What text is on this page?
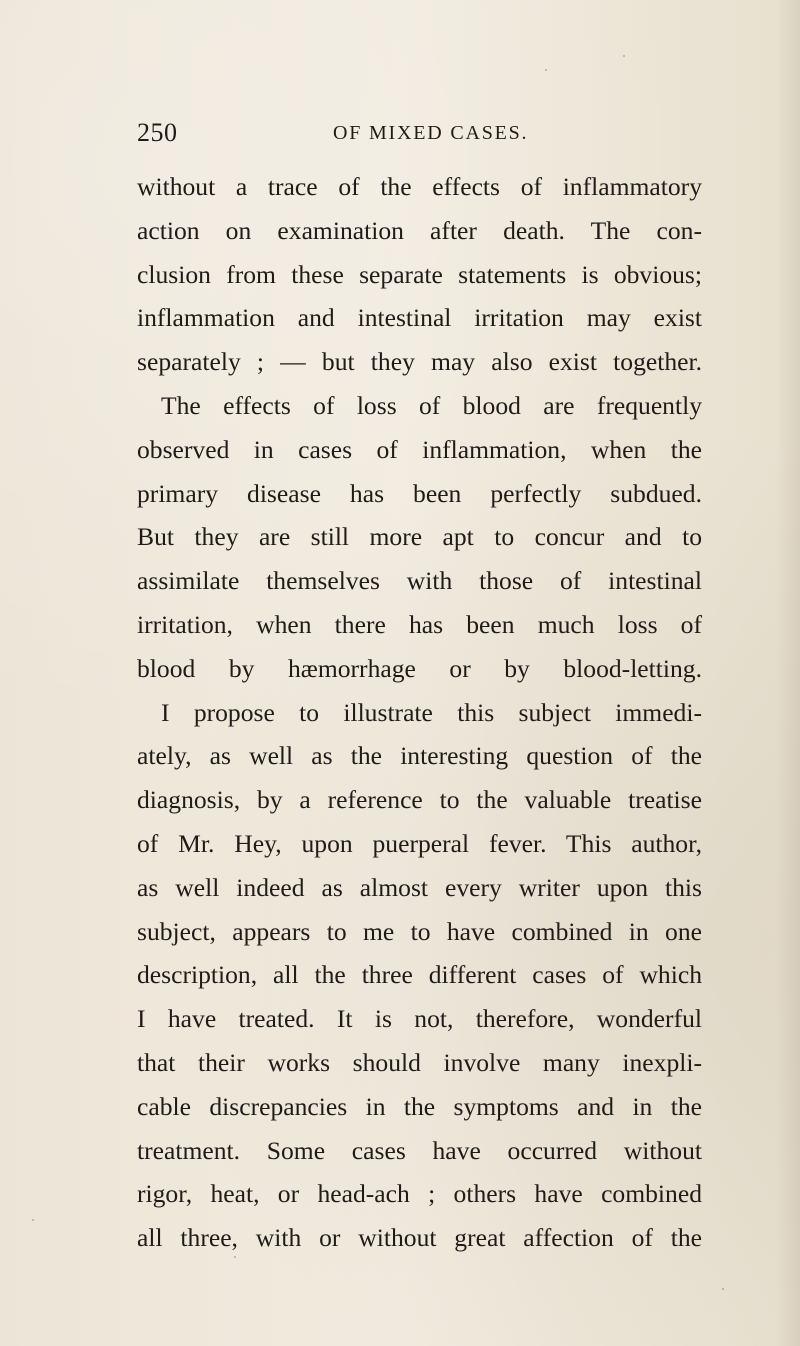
250	OF MIXED CASES.
without a trace of the effects of inflammatory
action on examination after death. The con-
clusion from these separate statements is obvious;
inflammation and intestinal irritation may exist
separately ; — but they may also exist together.
The effects of loss of blood are frequently
observed in cases of inflammation, when the
primary disease has been perfectly subdued.
But they are still more apt to concur and to
assimilate themselves with those of intestinal
irritation, when there has been much loss of
blood by hæmorrhage or by blood-letting.
I propose to illustrate this subject immedi-
ately, as well as the interesting question of the
diagnosis, by a reference to the valuable treatise
of Mr. Hey, upon puerperal fever. This author,
as well indeed as almost every writer upon this
subject, appears to me to have combined in one
description, all the three different cases of which
I have treated. It is not, therefore, wonderful
that their works should involve many inexpli-
cable discrepancies in the symptoms and in the
treatment. Some cases have occurred without
rigor, heat, or head-ach ; others have combined
all three, with or without great affection of the
